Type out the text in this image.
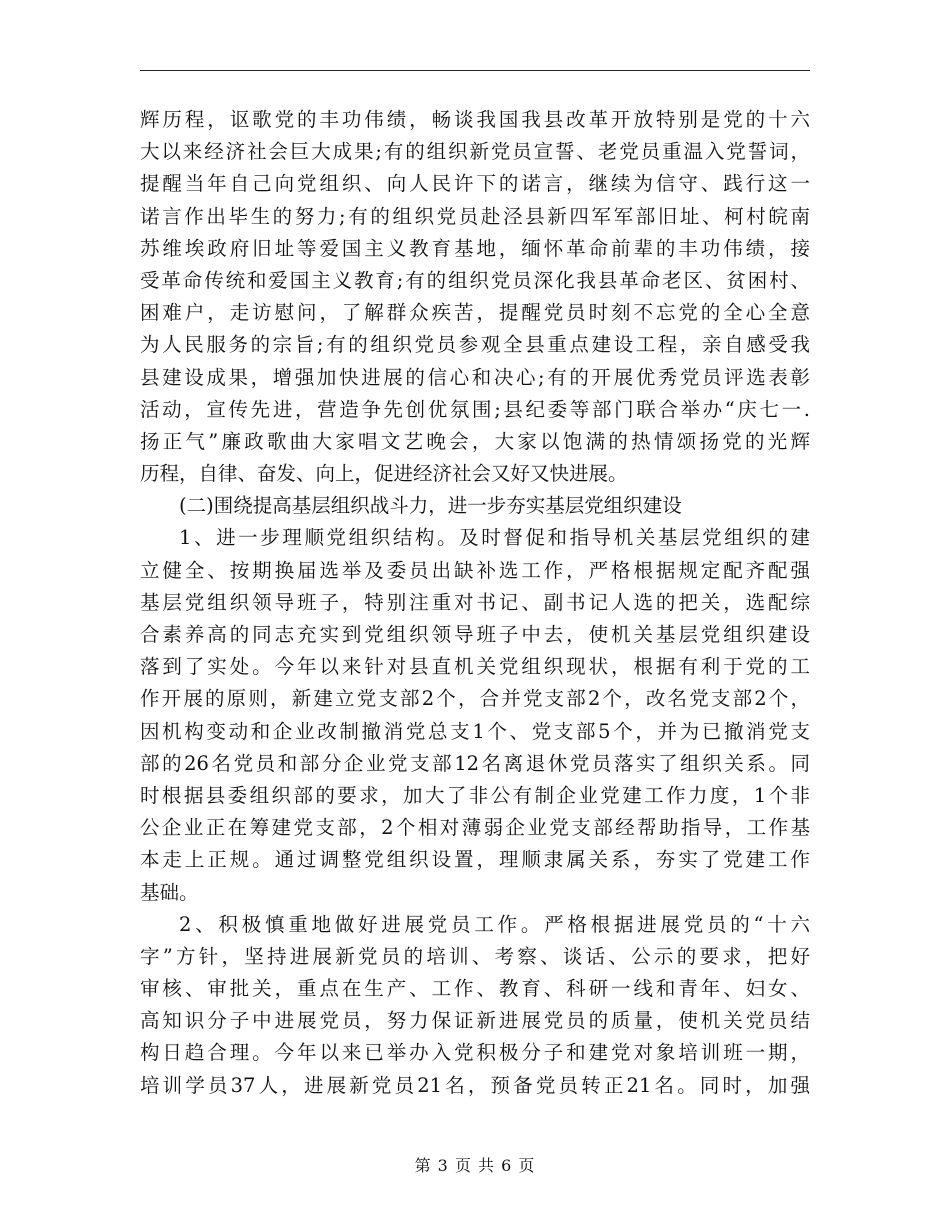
辉历程，讴歌党的丰功伟绩，畅谈我国我县改革开放特别是党的十六
大以来经济社会巨大成果;有的组织新党员宣誓、老党员重温入党誓词，
提醒当年自己向党组织、向人民许下的诺言，继续为信守、践行这一
诺言作出毕生的努力;有的组织党员赴泾县新四军军部旧址、柯村皖南
苏维埃政府旧址等爱国主义教育基地，缅怀革命前辈的丰功伟绩，接
受革命传统和爱国主义教育;有的组织党员深化我县革命老区、贫困村、
困难户，走访慰问，了解群众疾苦，提醒党员时刻不忘党的全心全意
为人民服务的宗旨;有的组织党员参观全县重点建设工程，亲自感受我
县建设成果，增强加快进展的信心和决心;有的开展优秀党员评选表彰
活动，宣传先进，营造争先创优氛围;县纪委等部门联合举办“庆七一.
扬正气”廉政歌曲大家唱文艺晚会，大家以饱满的热情颂扬党的光辉
历程，自律、奋发、向上，促进经济社会又好又快进展。
(二)围绕提高基层组织战斗力，进一步夯实基层党组织建设
1、进一步理顺党组织结构。及时督促和指导机关基层党组织的建
立健全、按期换届选举及委员出缺补选工作，严格根据规定配齐配强
基层党组织领导班子，特别注重对书记、副书记人选的把关，选配综
合素养高的同志充实到党组织领导班子中去，使机关基层党组织建设
落到了实处。今年以来针对县直机关党组织现状，根据有利于党的工
作开展的原则，新建立党支部2个，合并党支部2个，改名党支部2个，
因机构变动和企业改制撤消党总支1个、党支部5个，并为已撤消党支
部的26名党员和部分企业党支部12名离退休党员落实了组织关系。同
时根据县委组织部的要求，加大了非公有制企业党建工作力度，1个非
公企业正在筹建党支部，2个相对薄弱企业党支部经帮助指导，工作基
本走上正规。通过调整党组织设置，理顺隶属关系，夯实了党建工作
基础。
2、积极慎重地做好进展党员工作。严格根据进展党员的“十六
字”方针，坚持进展新党员的培训、考察、谈话、公示的要求，把好
审核、审批关，重点在生产、工作、教育、科研一线和青年、妇女、
高知识分子中进展党员，努力保证新进展党员的质量，使机关党员结
构日趋合理。今年以来已举办入党积极分子和建党对象培训班一期，
培训学员37人，进展新党员21名，预备党员转正21名。同时，加强
第 3 页 共 6 页
